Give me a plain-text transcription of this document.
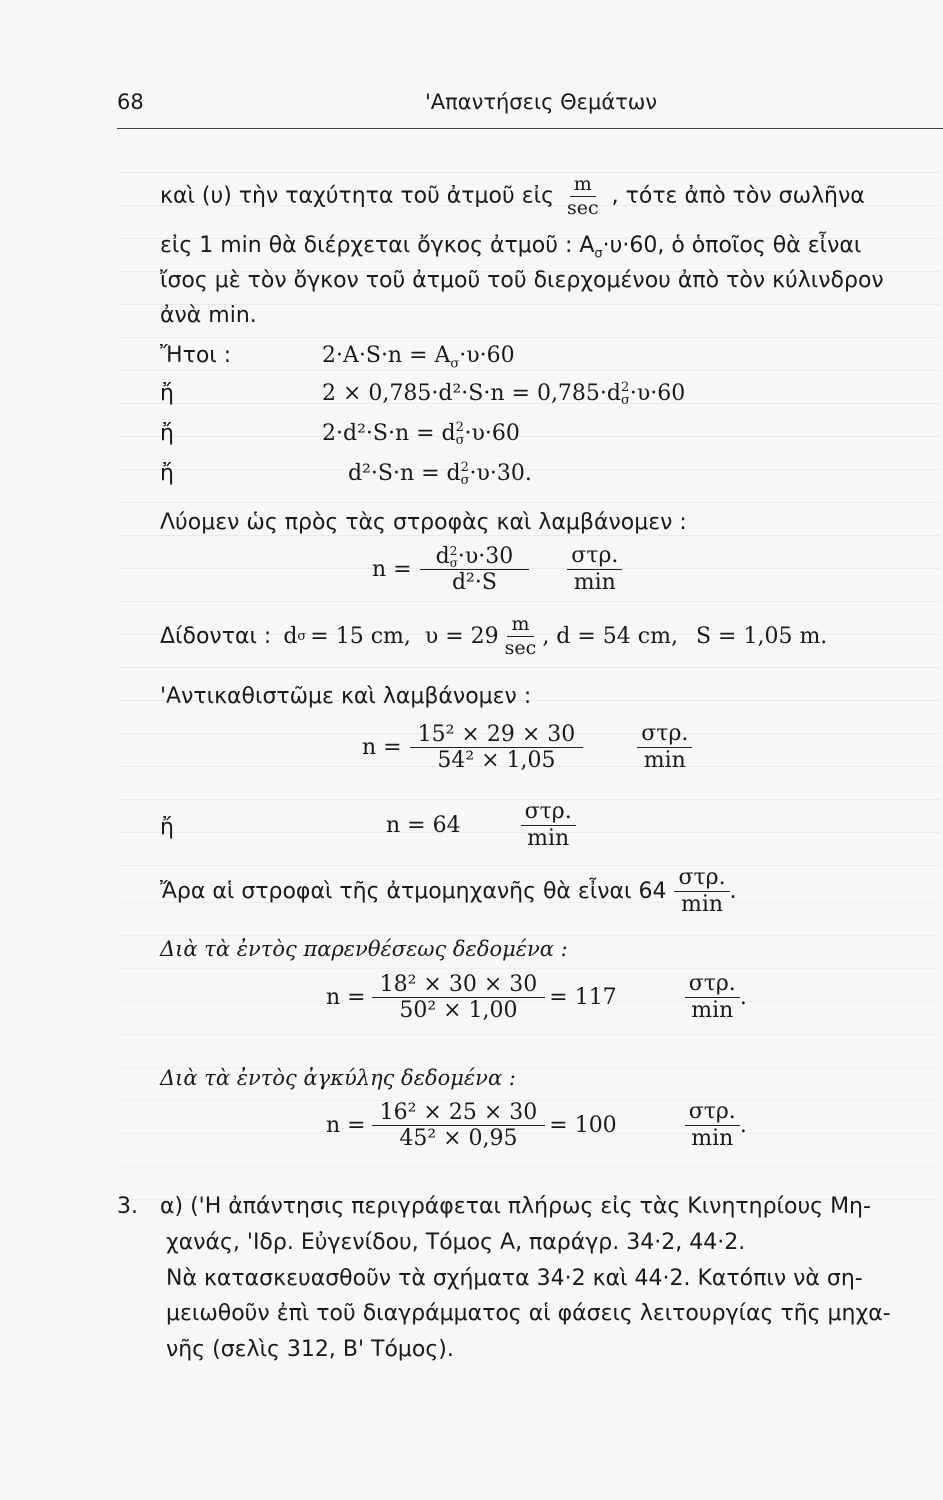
68	'Απαντήσεις Θεμάτων
καὶ (υ) τὴν ταχύτητα τοῦ ἀτμοῦ εἰς $\frac{m}{\sec}$ , τότε ἀπὸ τὸν σωλῆνα
εἰς 1 min θὰ διέρχεται ὄγκος ἀτμοῦ : $A_\sigma\cdot\upsilon\cdot 60$, ὁ ὁποῖος θὰ εἶναι
ἴσος μὲ τὸν ὄγκον τοῦ ἀτμοῦ τοῦ διερχομένου ἀπὸ τὸν κύλινδρον
ἀνὰ min.
Ἤτοι :	$2\cdot A\cdot S\cdot n = A_\sigma\cdot\upsilon\cdot 60$
ἤ	2 × 0,785·d²·S·n = 0,785·d 2
σ ·υ·60
ἤ	2·d²·S·n = d 2
σ ·υ·60
ἤ	d²·S·n = d 2
σ ·υ·30.
Λύομεν ὡς πρὸς τὰς στροφὰς καὶ λαμβάνομεν :
n = d 2
σ ·υ·30
$d^2\cdot S \frac{\text{στρ.}}{\min}$
Δίδονται : d σ = 15 cm, $\upsilon = 29 \frac{m}{\sec}$ , d = 54 cm, S = 1,05 m.
'Αντικαθιστῶμε καὶ λαμβάνομεν :
$n = \frac{\text{15² × 29 × 30}}{\text{54² × 1,05}} \frac{\text{στρ.}}{\min}$
ἤ	n = 64	$\frac{\text{στρ.}}{\min}$
Ἄρα αἱ στροφαὶ τῆς ἀτμομηχανῆς θὰ εἶναι $64 \frac{\text{στρ.}}{\min}$ .
Διὰ τὰ ἐντὸς παρενθέσεως δεδομένα :
$n = \frac{\text{18² × 30 × 30}}{\text{50² × 1,00}} = 117$	$\frac{\text{στρ.}}{\min}$ .
Διὰ τὰ ἐντὸς ἀγκύλης δεδομένα :
$n = \frac{\text{16² × 25 × 30}}{\text{45² × 0,95}} = 100$	$\frac{\text{στρ.}}{\min}$ .
3. α) ('Η ἀπάντησις περιγράφεται πλήρως εἰς τὰς Κινητηρίους Μη-
χανάς, 'Ιδρ. Εὐγενίδου, Τόμος Α, παράγρ. 34·2, 44·2.
Νὰ κατασκευασθοῦν τὰ σχήματα 34·2 καὶ 44·2. Κατόπιν νὰ ση-
μειωθοῦν ἐπὶ τοῦ διαγράμματος αἱ φάσεις λειτουργίας τῆς μηχα-
νῆς (σελὶς 312, Β' Τόμος).
